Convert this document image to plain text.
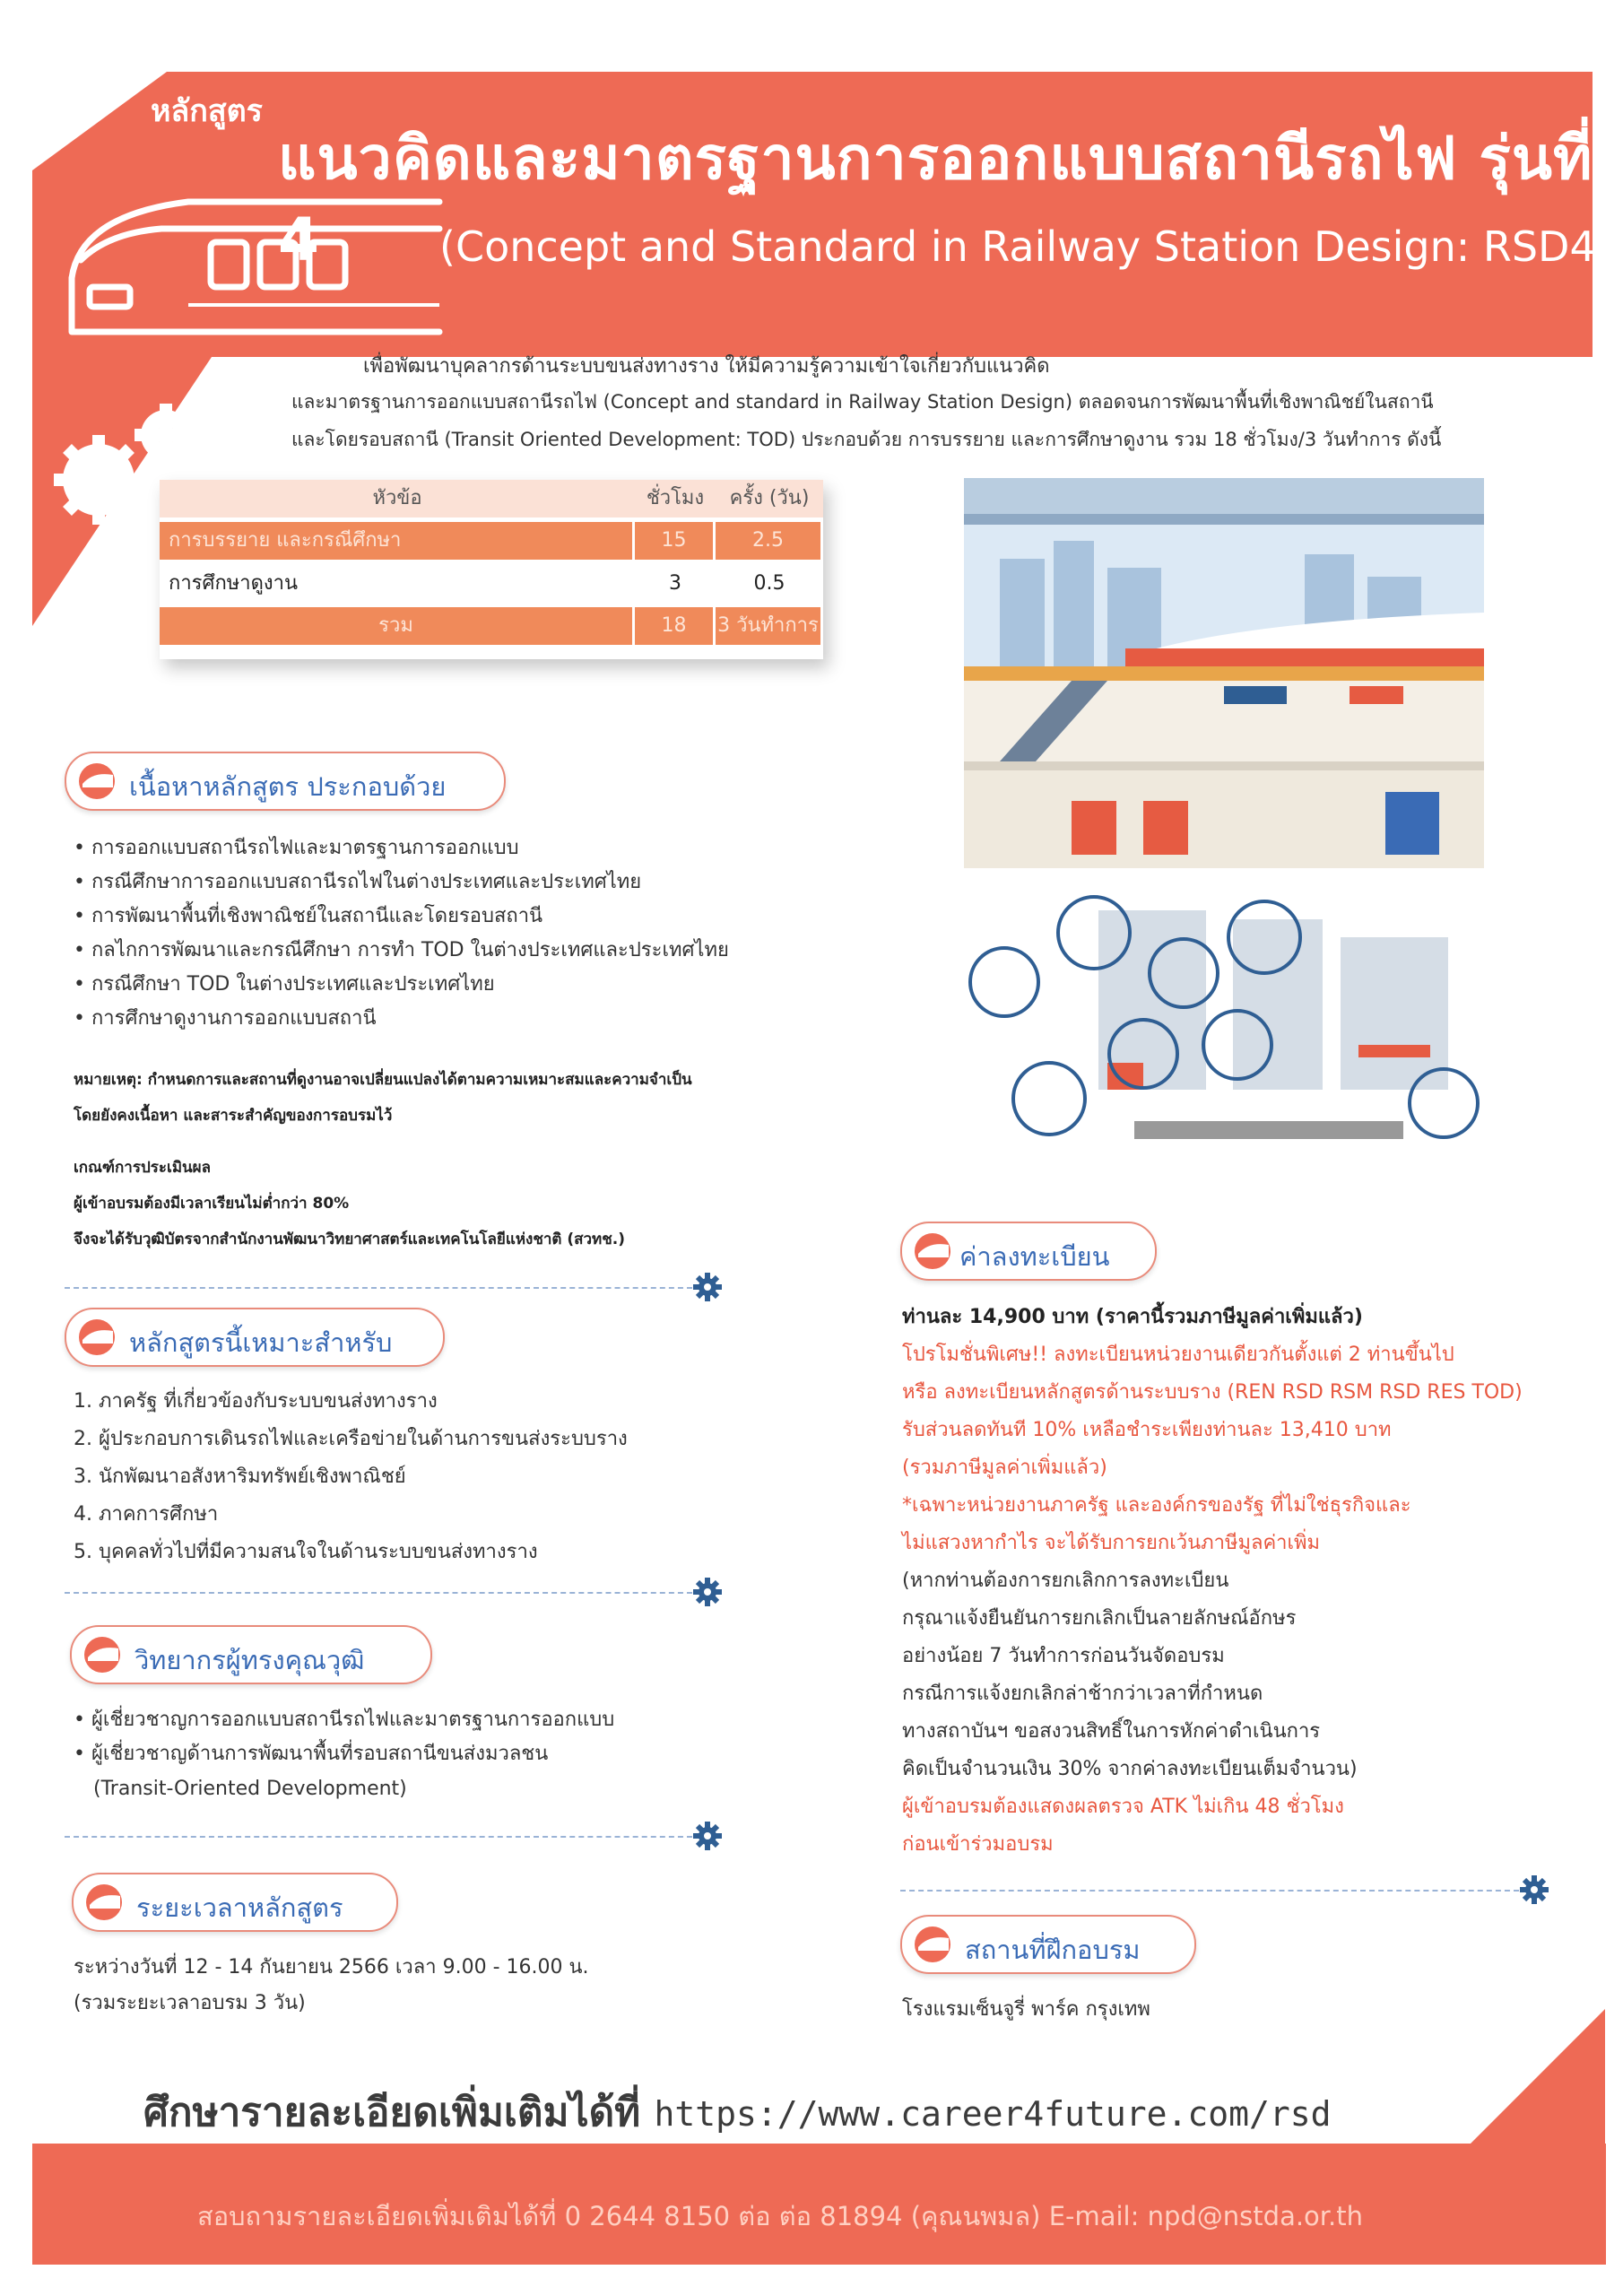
หลักสูตร
แนวคิดและมาตรฐานการออกแบบสถานีรถไฟ รุ่นที่ 4	(Concept and Standard in Railway Station Design: RSD4)
เพื่อพัฒนาบุคลากรด้านระบบขนส่งทางราง ให้มีความรู้ความเข้าใจเกี่ยวกับแนวคิด
และมาตรฐานการออกแบบสถานีรถไฟ (Concept and standard in Railway Station Design) ตลอดจนการพัฒนาพื้นที่เชิงพาณิชย์ในสถานี
และโดยรอบสถานี (Transit Oriented Development: TOD) ประกอบด้วย การบรรยาย และการศึกษาดูงาน รวม 18 ชั่วโมง/3 วันทำการ ดังนี้
หัวข้อ	ชั่วโมง	ครั้ง (วัน)
การบรรยาย และกรณีศึกษา	15	2.5
การศึกษาดูงาน	3	0.5
รวม	18	3 วันทำการ
เนื้อหาหลักสูตร ประกอบด้วย
• การออกแบบสถานีรถไฟและมาตรฐานการออกแบบ
• กรณีศึกษาการออกแบบสถานีรถไฟในต่างประเทศและประเทศไทย
• การพัฒนาพื้นที่เชิงพาณิชย์ในสถานีและโดยรอบสถานี
• กลไกการพัฒนาและกรณีศึกษา การทำ TOD ในต่างประเทศและประเทศไทย
• กรณีศึกษา TOD ในต่างประเทศและประเทศไทย
• การศึกษาดูงานการออกแบบสถานี
หมายเหตุ: กำหนดการและสถานที่ดูงานอาจเปลี่ยนแปลงได้ตามความเหมาะสมและความจำเป็น
โดยยังคงเนื้อหา และสาระสำคัญของการอบรมไว้
เกณฑ์การประเมินผล
ผู้เข้าอบรมต้องมีเวลาเรียนไม่ต่ำกว่า 80%
จึงจะได้รับวุฒิบัตรจากสำนักงานพัฒนาวิทยาศาสตร์และเทคโนโลยีแห่งชาติ (สวทช.)
หลักสูตรนี้เหมาะสำหรับ
1. ภาครัฐ ที่เกี่ยวข้องกับระบบขนส่งทางราง
2. ผู้ประกอบการเดินรถไฟและเครือข่ายในด้านการขนส่งระบบราง
3. นักพัฒนาอสังหาริมทรัพย์เชิงพาณิชย์
4. ภาคการศึกษา
5. บุคคลทั่วไปที่มีความสนใจในด้านระบบขนส่งทางราง
วิทยากรผู้ทรงคุณวุฒิ
• ผู้เชี่ยวชาญการออกแบบสถานีรถไฟและมาตรฐานการออกแบบ
• ผู้เชี่ยวชาญด้านการพัฒนาพื้นที่รอบสถานีขนส่งมวลชน
(Transit-Oriented Development)
ระยะเวลาหลักสูตร
ระหว่างวันที่ 12 - 14 กันยายน 2566 เวลา 9.00 - 16.00 น.
(รวมระยะเวลาอบรม 3 วัน)
ค่าลงทะเบียน
ท่านละ 14,900 บาท (ราคานี้รวมภาษีมูลค่าเพิ่มแล้ว)
โปรโมชั่นพิเศษ!! ลงทะเบียนหน่วยงานเดียวกันตั้งแต่ 2 ท่านขึ้นไป
หรือ ลงทะเบียนหลักสูตรด้านระบบราง (REN RSD RSM RSD RES TOD)
รับส่วนลดทันที 10% เหลือชำระเพียงท่านละ 13,410 บาท
(รวมภาษีมูลค่าเพิ่มแล้ว)
*เฉพาะหน่วยงานภาครัฐ และองค์กรของรัฐ ที่ไม่ใช่ธุรกิจและ
ไม่แสวงหากำไร จะได้รับการยกเว้นภาษีมูลค่าเพิ่ม
(หากท่านต้องการยกเลิกการลงทะเบียน
กรุณาแจ้งยืนยันการยกเลิกเป็นลายลักษณ์อักษร
อย่างน้อย 7 วันทำการก่อนวันจัดอบรม
กรณีการแจ้งยกเลิกล่าช้ากว่าเวลาที่กำหนด
ทางสถาบันฯ ขอสงวนสิทธิ์ในการหักค่าดำเนินการ
คิดเป็นจำนวนเงิน 30% จากค่าลงทะเบียนเต็มจำนวน)
ผู้เข้าอบรมต้องแสดงผลตรวจ ATK ไม่เกิน 48 ชั่วโมง
ก่อนเข้าร่วมอบรม
สถานที่ฝึกอบรม
โรงแรมเซ็นจูรี่ พาร์ค กรุงเทพ
ศึกษารายละเอียดเพิ่มเติมได้ที่ https://www.career4future.com/rsd
สอบถามรายละเอียดเพิ่มเติมได้ที่ 0 2644 8150 ต่อ ต่อ 81894 (คุณนพมล) E-mail: npd@nstda.or.th
